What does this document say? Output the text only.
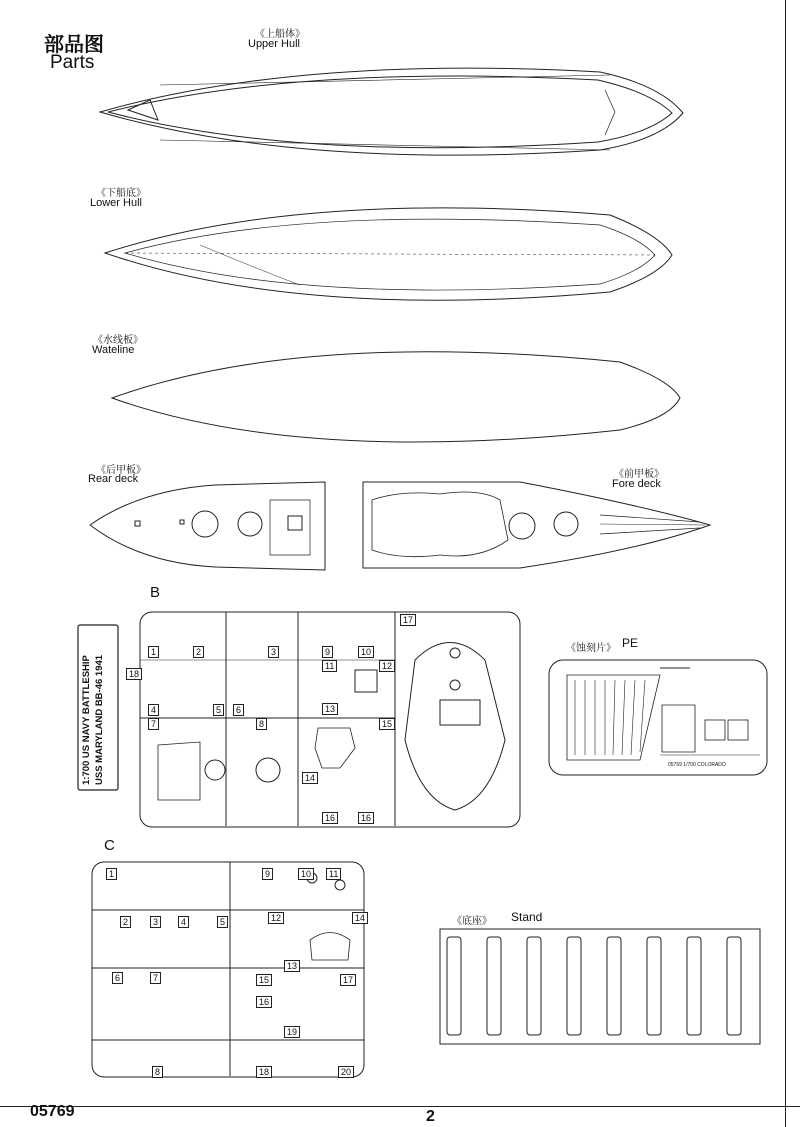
部品图
Parts
《上船体》
Upper Hull
《下船底》
Lower Hull
《水线板》
Wateline
《后甲板》
Rear deck	《前甲板》
Fore deck
B
1:700 US NAVY BATTLESHIP USS MARYLAND BB-46 1941
1	2	3
4	5	6
7	8
9	10
11	12
13
14
15
16	16
17
18
《蚀刻片》 PE
05769 1/700 COLORADO
C
1
2	3	4	5
6	7
8
9	10	11
12
13
14
15
16
17
18
19
20
《底座》 Stand
05769	2
